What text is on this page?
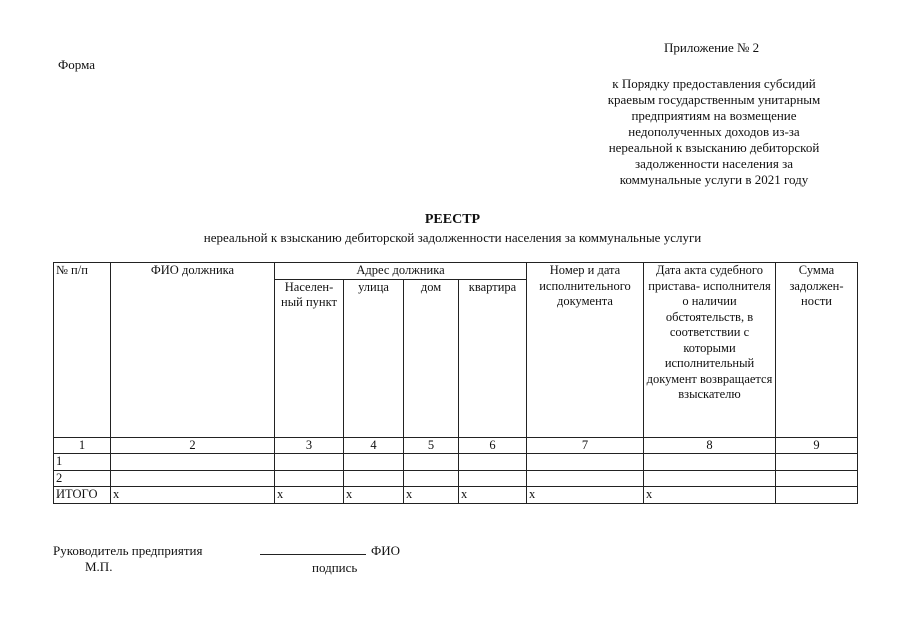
Форма
Приложение № 2
к Порядку предоставления субсидий
краевым государственным унитарным
предприятиям на возмещение
недополученных доходов из-за
нереальной к взысканию дебиторской
задолженности населения за
коммунальные услуги в 2021 году
РЕЕСТР
нереальной к взысканию дебиторской задолженности населения за коммунальные услуги
№ п/п	ФИО должника	Адрес должника				Номер и дата исполнительного документа	Дата акта судебного пристава- исполнителя о наличии обстоятельств, в соответствии с которыми исполнительный документ возвращается взыскателю	Сумма задолжен- ности
		Населен- ный пункт	улица	дом	квартира			
1	2	3	4	5	6	7	8	9
1								
2								
ИТОГО	x	x	x	x	x	x	x	
Руководитель предприятия	ФИО
М.П.	подпись
